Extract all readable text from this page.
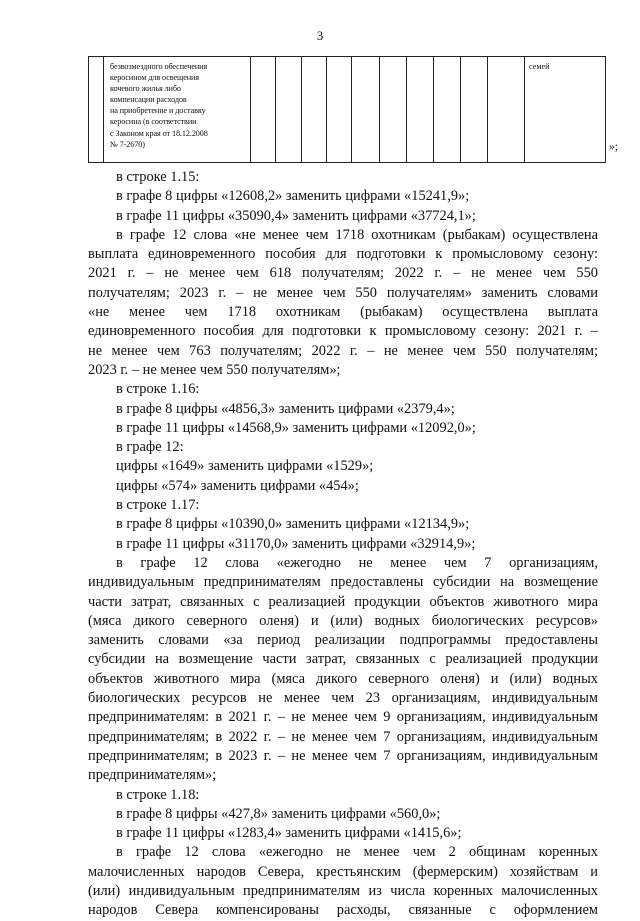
3
безвозмездного обеспечения
керосином для освещения
кочевого жилья либо
компенсации расходов
на приобретение и доставку
керосина (в соответствии
с Законом края от 18.12.2008
№ 7-2670)
семей
»;

в строке 1.15:

в графе 8 цифры «12608,2» заменить цифрами «15241,9»;

в графе 11 цифры «35090,4» заменить цифрами «37724,1»;

в графе 12 слова «не менее чем 1718 охотникам (рыбакам) осуществлена

выплата единовременного пособия для подготовки к промысловому сезону:

2021 г. – не менее чем 618 получателям; 2022 г. – не менее чем 550

получателям; 2023 г. – не менее чем 550 получателям» заменить словами

«не менее чем 1718 охотникам (рыбакам) осуществлена выплата

единовременного пособия для подготовки к промысловому сезону: 2021 г. –

не менее чем 763 получателям; 2022 г. – не менее чем 550 получателям;

2023 г. – не менее чем 550 получателям»;

в строке 1.16:

в графе 8 цифры «4856,3» заменить цифрами «2379,4»;

в графе 11 цифры «14568,9» заменить цифрами «12092,0»;

в графе 12:

цифры «1649» заменить цифрами «1529»;

цифры «574» заменить цифрами «454»;

в строке 1.17:

в графе 8 цифры «10390,0» заменить цифрами «12134,9»;

в графе 11 цифры «31170,0» заменить цифрами «32914,9»;

в графе 12 слова «ежегодно не менее чем 7 организациям,

индивидуальным предпринимателям предоставлены субсидии на возмещение

части затрат, связанных с реализацией продукции объектов животного мира

(мяса дикого северного оленя) и (или) водных биологических ресурсов»

заменить словами «за период реализации подпрограммы предоставлены

субсидии на возмещение части затрат, связанных с реализацией продукции

объектов животного мира (мяса дикого северного оленя) и (или) водных

биологических ресурсов не менее чем 23 организациям, индивидуальным

предпринимателям: в 2021 г. – не менее чем 9 организациям, индивидуальным

предпринимателям; в 2022 г. – не менее чем 7 организациям, индивидуальным

предпринимателям; в 2023 г. – не менее чем 7 организациям, индивидуальным

предпринимателям»;

в строке 1.18:

в графе 8 цифры «427,8» заменить цифрами «560,0»;

в графе 11 цифры «1283,4» заменить цифрами «1415,6»;

в графе 12 слова «ежегодно не менее чем 2 общинам коренных

малочисленных народов Севера, крестьянским (фермерским) хозяйствам и

(или) индивидуальным предпринимателям из числа коренных малочисленных

народов Севера компенсированы расходы, связанные с оформлением
